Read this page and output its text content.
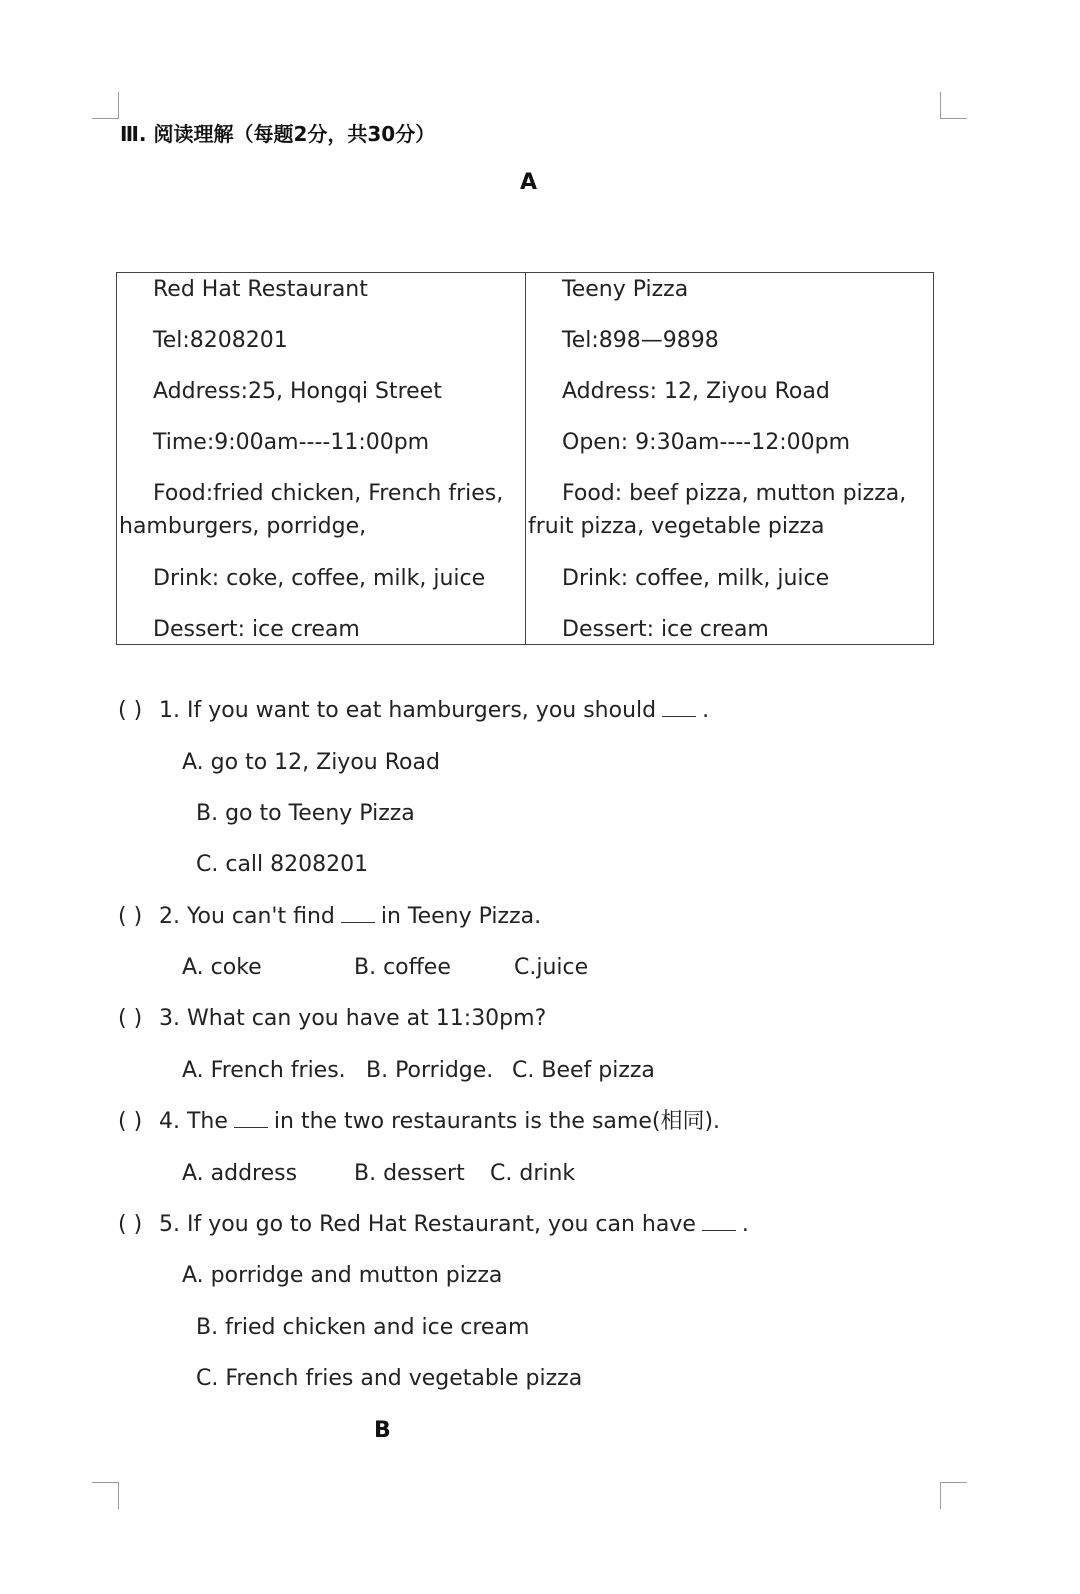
Ⅲ. 阅读理解（每题2分，共30分）
A
Red Hat Restaurant
Tel:8208201
Address:25, Hongqi Street
Time:9:00am----11:00pm
Food:fried chicken, French fries, hamburgers, porridge,
Drink: coke, coffee, milk, juice
Dessert: ice cream
Teeny Pizza
Tel:898—9898
Address: 12, Ziyou Road
Open: 9:30am----12:00pm
Food: beef pizza, mutton pizza, fruit pizza, vegetable pizza
Drink: coffee, milk, juice
Dessert: ice cream
( ) 1. If you want to eat hamburgers, you should .
A. go to 12, Ziyou Road
B. go to Teeny Pizza
C. call 8208201
( ) 2. You can't find in Teeny Pizza.
A. coke	B. coffee	C.juice
( ) 3. What can you have at 11:30pm?
A. French fries. B. Porridge. C. Beef pizza
( ) 4. The in the two restaurants is the same(相同).
A. address	B. dessert C. drink
( ) 5. If you go to Red Hat Restaurant, you can have .
A. porridge and mutton pizza
B. fried chicken and ice cream
C. French fries and vegetable pizza
B
